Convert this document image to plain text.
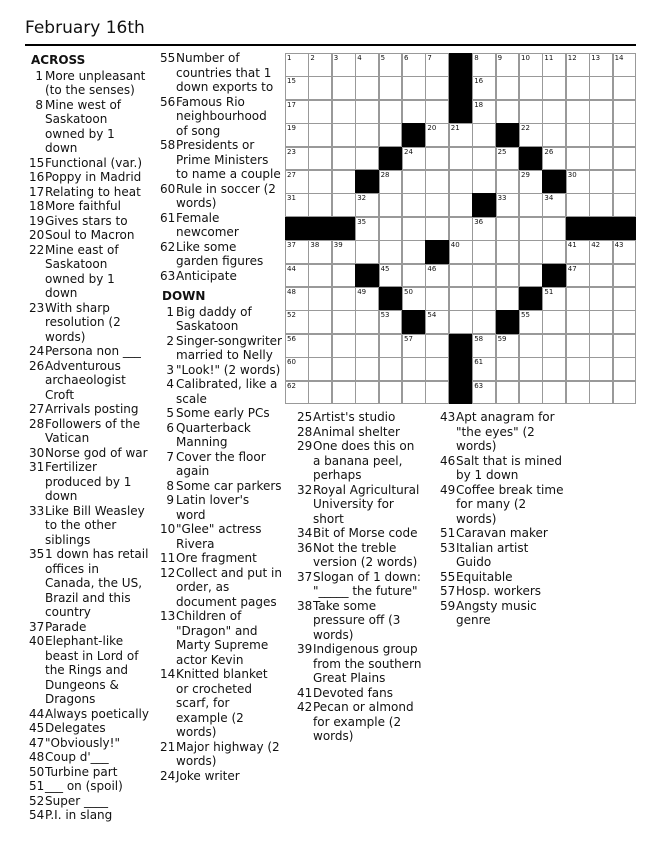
February 16th
ACROSS
1 More unpleasant (to the senses)
8 Mine west of Saskatoon owned by 1 down
15 Functional (var.)
16 Poppy in Madrid
17 Relating to heat
18 More faithful
19 Gives stars to
20 Soul to Macron
22 Mine east of Saskatoon owned by 1 down
23 With sharp resolution (2 words)
24 Persona non ___
26 Adventurous archaeologist Croft
27 Arrivals posting
28 Followers of the Vatican
30 Norse god of war
31 Fertilizer produced by 1 down
33 Like Bill Weasley to the other siblings
35 1 down has retail offices in Canada, the US, Brazil and this country
37 Parade
40 Elephant-like beast in Lord of the Rings and Dungeons & Dragons
44 Always poetically
45 Delegates
47 "Obviously!"
48 Coup d'___
50 Turbine part
51 ___ on (spoil)
52 Super ____
54 P.I. in slang
55 Number of countries that 1 down exports to
56 Famous Rio neighbourhood of song
58 Presidents or Prime Ministers to name a couple
60 Rule in soccer (2 words)
61 Female newcomer
62 Like some garden figures
63 Anticipate
DOWN
1 Big daddy of Saskatoon
2 Singer-songwriter married to Nelly
3 "Look!" (2 words)
4 Calibrated, like a scale
5 Some early PCs
6 Quarterback Manning
7 Cover the floor again
8 Some car parkers
9 Latin lover's word
10 "Glee" actress Rivera
11 Ore fragment
12 Collect and put in order, as document pages
13 Children of "Dragon" and Marty Supreme actor Kevin
14 Knitted blanket or crocheted scarf, for example (2 words)
21 Major highway (2 words)
24 Joke writer
25 Artist's studio
28 Animal shelter
29 One does this on a banana peel, perhaps
32 Royal Agricultural University for short
34 Bit of Morse code
36 Not the treble version (2 words)
37 Slogan of 1 down: "_____ the future"
38 Take some pressure off (3 words)
39 Indigenous group from the southern Great Plains
41 Devoted fans
42 Pecan or almond for example (2 words)
43 Apt anagram for "the eyes" (2 words)
46 Salt that is mined by 1 down
49 Coffee break time for many (2 words)
51 Caravan maker
53 Italian artist Guido
55 Equitable
57 Hosp. workers
59 Angsty music genre
1	2	3	4	5	6	7	8	9	10 11 12 13 14
15	16
17	18
19	20 21	22
23	24	25	26
27	28	29	30
31	32	33	34
35	36
37 38 39	40	41 42 43
44	45	46	47
48	49	50	51
52	53	54	55
56	57	58 59
60	61
62	63
